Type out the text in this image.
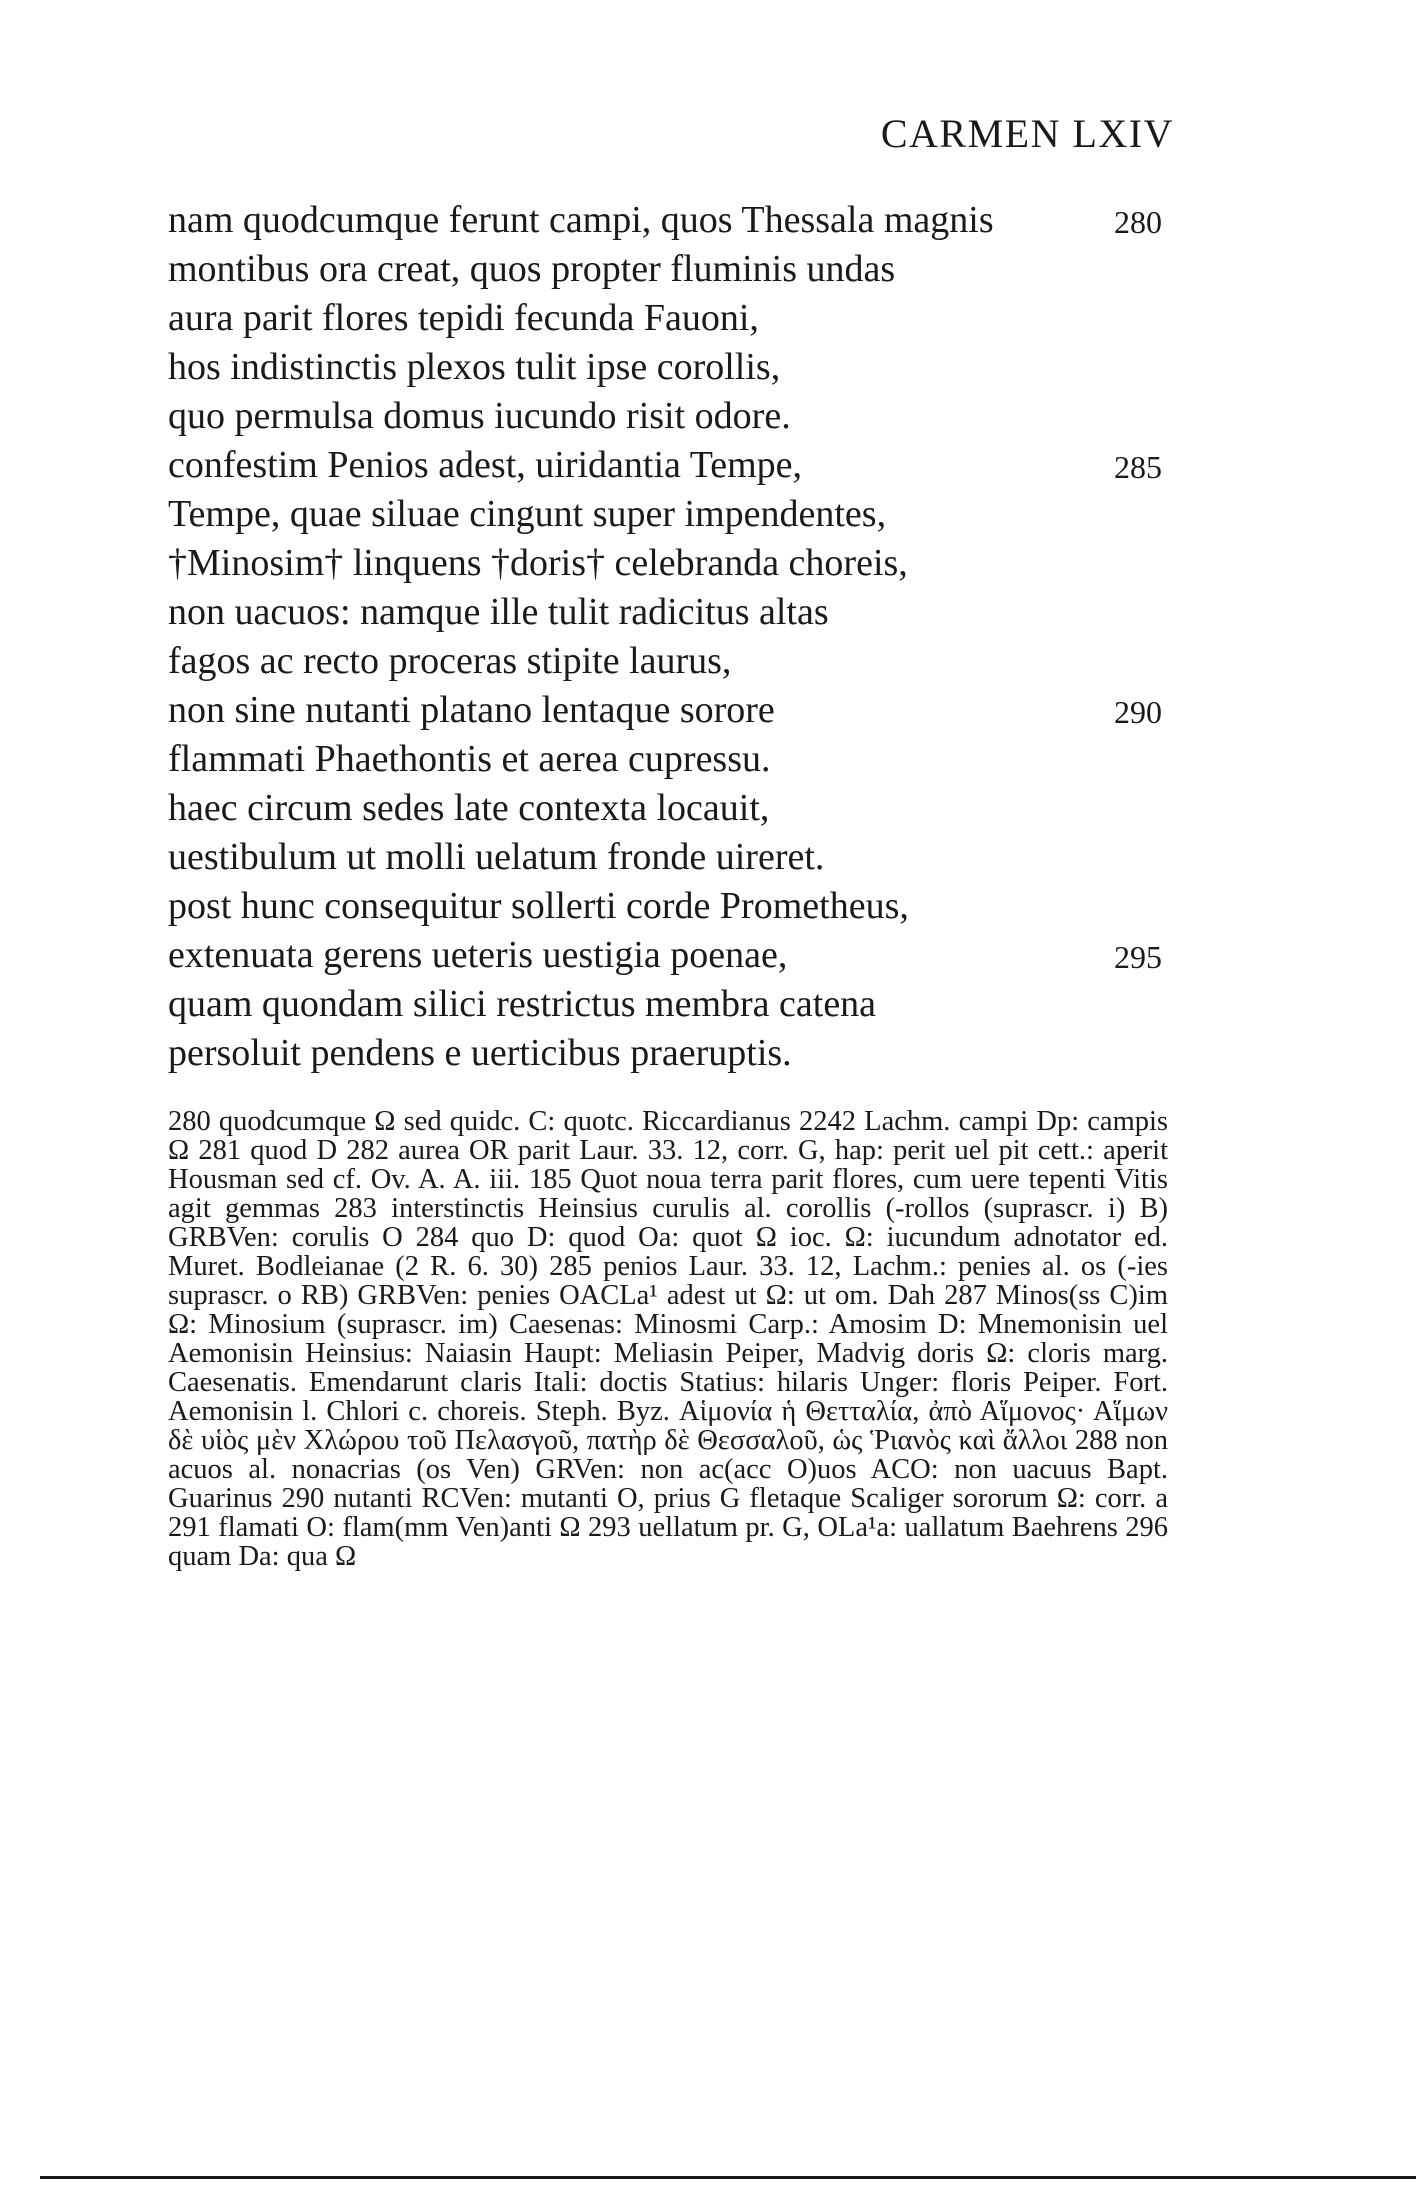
CARMEN LXIV
nam quodcumque ferunt campi, quos Thessala magnis	280
montibus ora creat, quos propter fluminis undas
aura parit flores tepidi fecunda Fauoni,
hos indistinctis plexos tulit ipse corollis,
quo permulsa domus iucundo risit odore.
confestim Penios adest, uiridantia Tempe,	285
Tempe, quae siluae cingunt super impendentes,
†Minosim† linquens †doris† celebranda choreis,
non uacuos: namque ille tulit radicitus altas
fagos ac recto proceras stipite laurus,
non sine nutanti platano lentaque sorore	290
flammati Phaethontis et aerea cupressu.
haec circum sedes late contexta locauit,
uestibulum ut molli uelatum fronde uireret.
post hunc consequitur sollerti corde Prometheus,
extenuata gerens ueteris uestigia poenae,	295
quam quondam silici restrictus membra catena
persoluit pendens e uerticibus praeruptis.
280 quodcumque Ω sed quidc. C: quotc. Riccardianus 2242 Lachm. campi Dp: campis Ω 281 quod D 282 aurea OR parit Laur. 33. 12, corr. G, hap: perit uel pit cett.: aperit Housman sed cf. Ov. A. A. iii. 185 Quot noua terra parit flores, cum uere tepenti Vitis agit gemmas 283 interstinctis Heinsius curulis al. corollis (-rollos (suprascr. i) B) GRBVen: corulis O 284 quo D: quod Oa: quot Ω ioc. Ω: iucundum adnotator ed. Muret. Bodleianae (2 R. 6. 30) 285 penios Laur. 33. 12, Lachm.: penies al. os (-ies suprascr. o RB) GRBVen: penies OACLa¹ adest ut Ω: ut om. Dah 287 Minos(ss C)im Ω: Minosium (suprascr. im) Caesenas: Minosmi Carp.: Amosim D: Mnemonisin uel Aemonisin Heinsius: Naiasin Haupt: Meliasin Peiper, Madvig doris Ω: cloris marg. Caesenatis. Emendarunt claris Itali: doctis Statius: hilaris Unger: floris Peiper. Fort. Aemonisin l. Chlori c. choreis. Steph. Byz. Αἱμονία ἡ Θετταλία, ἀπὸ Αἵμονος· Αἵμων δὲ υἱὸς μὲν Χλώρου τοῦ Πελασγοῦ, πατὴρ δὲ Θεσσαλοῦ, ὡς Ῥιανὸς καὶ ἄλλοι 288 non acuos al. nonacrias (os Ven) GRVen: non ac(acc O)uos ACO: non uacuus Bapt. Guarinus 290 nutanti RCVen: mutanti O, prius G fletaque Scaliger sororum Ω: corr. a 291 flamati O: flam(mm Ven)anti Ω 293 uellatum pr. G, OLa¹a: uallatum Baehrens 296 quam Da: qua Ω
